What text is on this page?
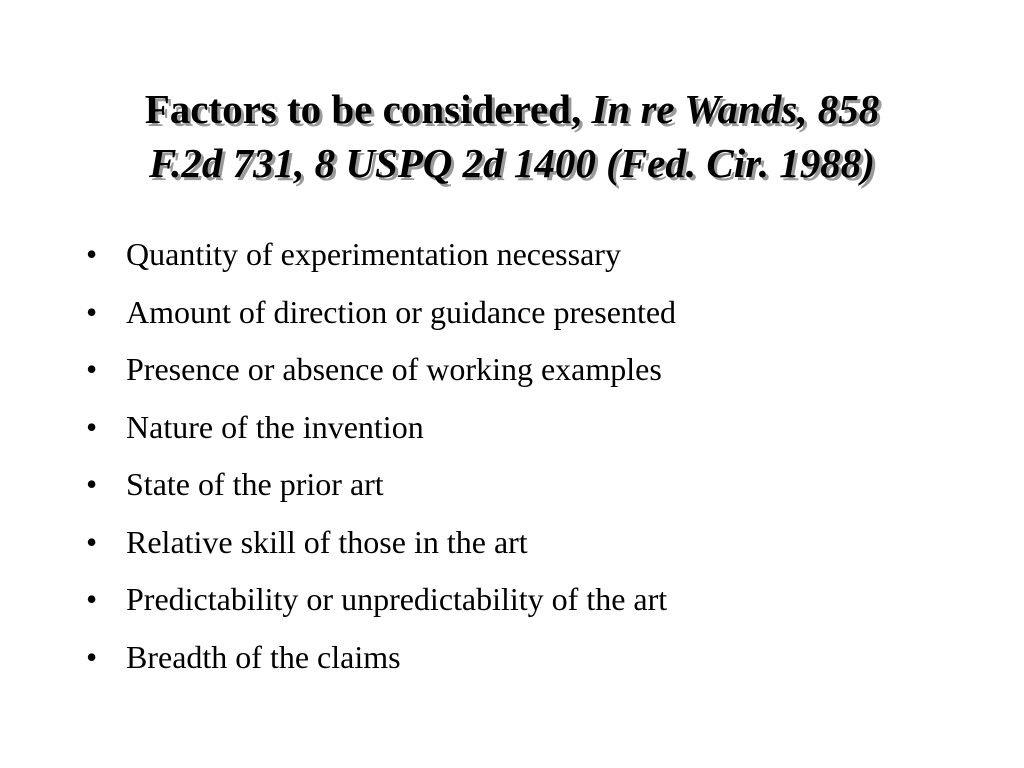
Factors to be considered, In re Wands, 858
F.2d 731, 8 USPQ 2d 1400 (Fed. Cir. 1988)
• Quantity of experimentation necessary
• Amount of direction or guidance presented
• Presence or absence of working examples
• Nature of the invention
• State of the prior art
• Relative skill of those in the art
• Predictability or unpredictability of the art
• Breadth of the claims
